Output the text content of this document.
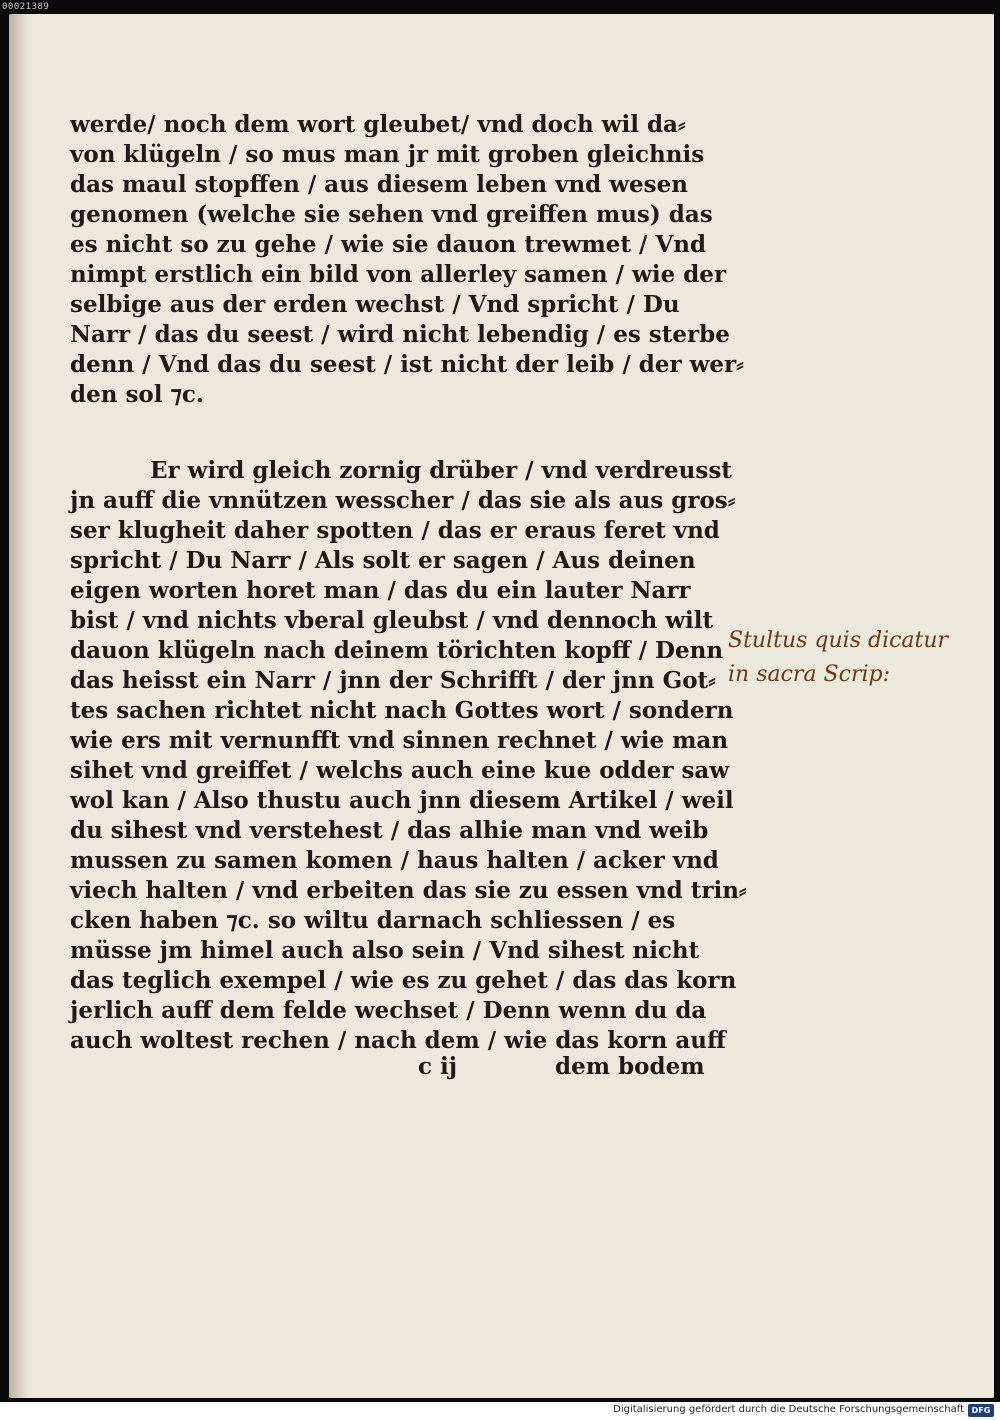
00021389
werde/ noch dem wort gleubet/ vnd doch wil da⸗
von klügeln / so mus man jr mit groben gleichnis
das maul stopffen / aus diesem leben vnd wesen
genomen (welche sie sehen vnd greiffen mus) das
es nicht so zu gehe / wie sie dauon trewmet / Vnd
nimpt erstlich ein bild von allerley samen / wie der
selbige aus der erden wechst / Vnd spricht / Du
Narr / das du seest / wird nicht lebendig / es sterbe
denn / Vnd das du seest / ist nicht der leib / der wer⸗
den sol ⁊c.
Er wird gleich zornig drüber / vnd verdreusst
jn auff die vnnützen wesscher / das sie als aus gros⸗
ser klugheit daher spotten / das er eraus feret vnd
spricht / Du Narr / Als solt er sagen / Aus deinen
eigen worten horet man / das du ein lauter Narr
bist / vnd nichts vberal gleubst / vnd dennoch wilt
dauon klügeln nach deinem törichten kopff / Denn
das heisst ein Narr / jnn der Schrifft / der jnn Got⸗
tes sachen richtet nicht nach Gottes wort / sondern
wie ers mit vernunfft vnd sinnen rechnet / wie man
sihet vnd greiffet / welchs auch eine kue odder saw
wol kan / Also thustu auch jnn diesem Artikel / weil
du sihest vnd verstehest / das alhie man vnd weib
mussen zu samen komen / haus halten / acker vnd
viech halten / vnd erbeiten das sie zu essen vnd trin⸗
cken haben ⁊c. so wiltu darnach schliessen / es
müsse jm himel auch also sein / Vnd sihest nicht
das teglich exempel / wie es zu gehet / das das korn
jerlich auff dem felde wechset / Denn wenn du da
auch woltest rechen / nach dem / wie das korn auff
c ij	dem bodem
Stultus quis dicatur
in sacra Scrip:
Digitalisierung gefördert durch die Deutsche Forschungsgemeinschaft DFG
